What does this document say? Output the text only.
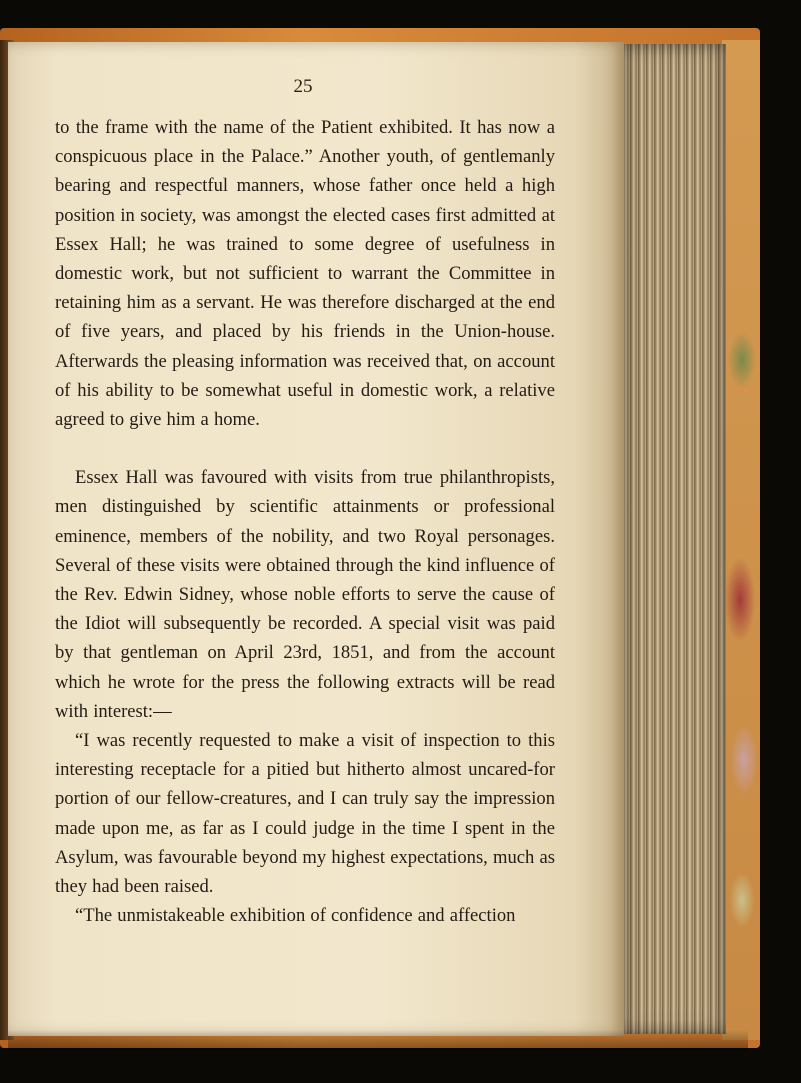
25

to the frame with the name of the Patient exhibited. It has now a conspicuous place in the Palace.” Another youth, of gentlemanly bearing and respectful manners, whose father once held a high position in society, was amongst the elected cases first admitted at Essex Hall; he was trained to some degree of usefulness in domestic work, but not sufficient to warrant the Committee in retaining him as a servant. He was therefore discharged at the end of five years, and placed by his friends in the Union-house. Afterwards the pleasing information was received that, on account of his ability to be somewhat useful in domestic work, a relative agreed to give him a home.

Essex Hall was favoured with visits from true philanthropists, men distinguished by scientific attainments or professional eminence, members of the nobility, and two Royal personages. Several of these visits were obtained through the kind influence of the Rev. Edwin Sidney, whose noble efforts to serve the cause of the Idiot will subsequently be recorded. A special visit was paid by that gentleman on April 23rd, 1851, and from the account which he wrote for the press the following extracts will be read with interest:—

“I was recently requested to make a visit of inspection to this interesting receptacle for a pitied but hitherto almost uncared-for portion of our fellow-creatures, and I can truly say the impression made upon me, as far as I could judge in the time I spent in the Asylum, was favourable beyond my highest expectations, much as they had been raised.

“The unmistakeable exhibition of confidence and affection
